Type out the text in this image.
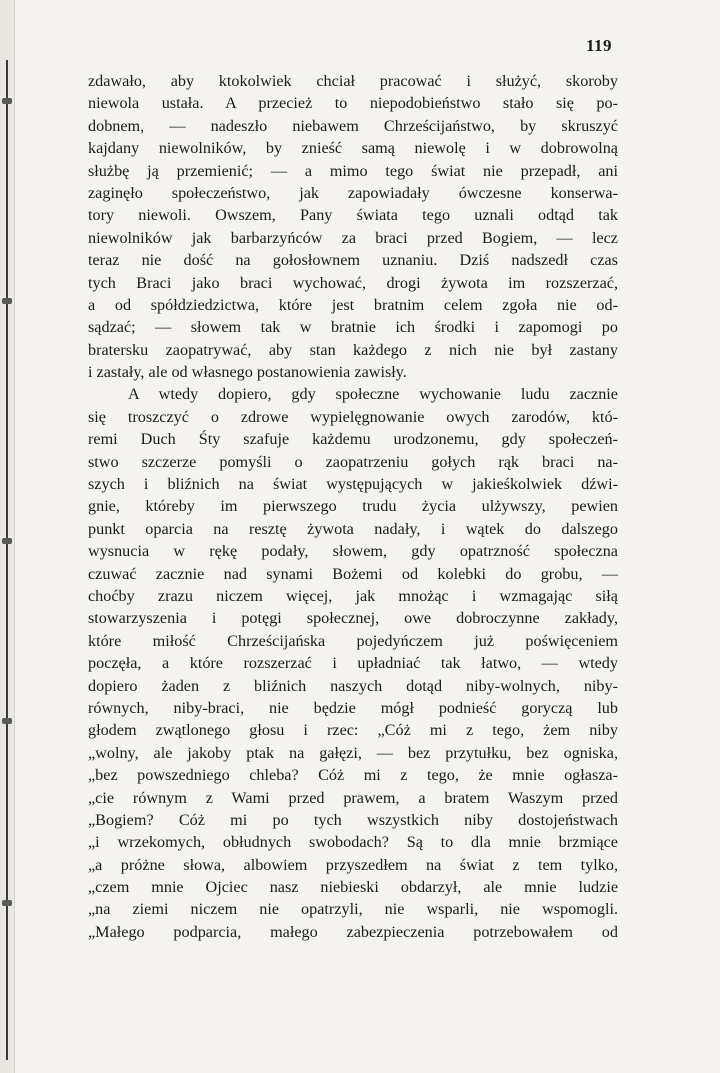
119
zdawało, aby ktokolwiek chciał pracować i służyć, skoroby
niewola ustała. A przecież to niepodobieństwo stało się po-
dobnem, — nadeszło niebawem Chrześcijaństwo, by skruszyć
kajdany niewolników, by znieść samą niewolę i w dobrowolną
służbę ją przemienić; — a mimo tego świat nie przepadł, ani
zaginęło społeczeństwo, jak zapowiadały ówczesne konserwa-
tory niewoli. Owszem, Pany świata tego uznali odtąd tak
niewolników jak barbarzyńców za braci przed Bogiem, — lecz
teraz nie dość na gołosłownem uznaniu. Dziś nadszedł czas
tych Braci jako braci wychować, drogi żywota im rozszerzać,
a od spółdziedzictwa, które jest bratnim celem zgoła nie od-
sądzać; — słowem tak w bratnie ich środki i zapomogi po
bratersku zaopatrywać, aby stan każdego z nich nie był zastany
i zastały, ale od własnego postanowienia zawisły.
A wtedy dopiero, gdy społeczne wychowanie ludu zacznie
się troszczyć o zdrowe wypielęgnowanie owych zarodów, któ-
remi Duch Śty szafuje każdemu urodzonemu, gdy społeczeń-
stwo szczerze pomyśli o zaopatrzeniu gołych rąk braci na-
szych i bliźnich na świat występujących w jakieśkolwiek dźwi-
gnie, któreby im pierwszego trudu życia ulżywszy, pewien
punkt oparcia na resztę żywota nadały, i wątek do dalszego
wysnucia w rękę podały, słowem, gdy opatrzność społeczna
czuwać zacznie nad synami Bożemi od kolebki do grobu, —
choćby zrazu niczem więcej, jak mnożąc i wzmagając siłą
stowarzyszenia i potęgi społecznej, owe dobroczynne zakłady,
które miłość Chrześcijańska pojedyńczem już poświęceniem
poczęła, a które rozszerzać i upładniać tak łatwo, — wtedy
dopiero żaden z bliźnich naszych dotąd niby-wolnych, niby-
równych, niby-braci, nie będzie mógł podnieść goryczą lub
głodem zwątlonego głosu i rzec: „Cóż mi z tego, żem niby
„wolny, ale jakoby ptak na gałęzi, — bez przytułku, bez ogniska,
„bez powszedniego chleba? Cóż mi z tego, że mnie ogłasza-
„cie równym z Wami przed prawem, a bratem Waszym przed
„Bogiem? Cóż mi po tych wszystkich niby dostojeństwach
„i wrzekomych, obłudnych swobodach? Są to dla mnie brzmiące
„a próżne słowa, albowiem przyszedłem na świat z tem tylko,
„czem mnie Ojciec nasz niebieski obdarzył, ale mnie ludzie
„na ziemi niczem nie opatrzyli, nie wsparli, nie wspomogli.
„Małego podparcia, małego zabezpieczenia potrzebowałem od
